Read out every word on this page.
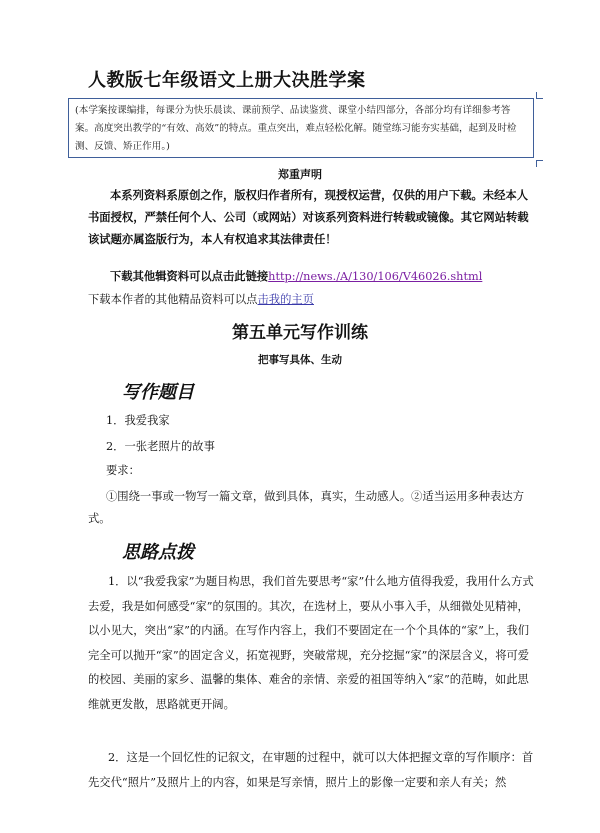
人教版七年级语文上册大决胜学案
(本学案按课编排，每课分为快乐晨读、课前预学、品读鉴赏、课堂小结四部分，各部分均有详细参考答案。高度突出教学的“有效、高效”的特点。重点突出，难点轻松化解。随堂练习能夯实基础，起到及时检测、反馈、矫正作用。)
郑重声明

本系列资料系原创之作，版权归作者所有，现授权运营，仅供的用户下载。未经本人书面授权，严禁任何个人、公司（或网站）对该系列资料进行转载或镜像。其它网站转载该试题亦属盗版行为，本人有权追求其法律责任！

下载其他辑资料可以点击此链接http://news./A/130/106/V46026.shtml

下载本作者的其他精品资料可以点击我的主页

第五单元写作训练
把事写具体、生动
写作题目

1．我爱我家

2．一张老照片的故事

要求：

①围绕一事或一物写一篇文章，做到具体，真实，生动感人。②适当运用多种表达方式。

思路点拨

1．以“我爱我家”为题目构思，我们首先要思考“家”什么地方值得我爱，我用什么方式去爱，我是如何感受“家”的氛围的。其次，在选材上，要从小事入手，从细微处见精神，以小见大，突出“家”的内涵。在写作内容上，我们不要固定在一个个具体的“家”上，我们完全可以抛开“家”的固定含义，拓宽视野，突破常规，充分挖掘“家”的深层含义，将可爱的校园、美丽的家乡、温馨的集体、难舍的亲情、亲爱的祖国等纳入“家”的范畴，如此思维就更发散，思路就更开阔。

2．这是一个回忆性的记叙文，在审题的过程中，就可以大体把握文章的写作顺序：首先交代“照片”及照片上的内容，如果是写亲情，照片上的影像一定要和亲人有关；然
